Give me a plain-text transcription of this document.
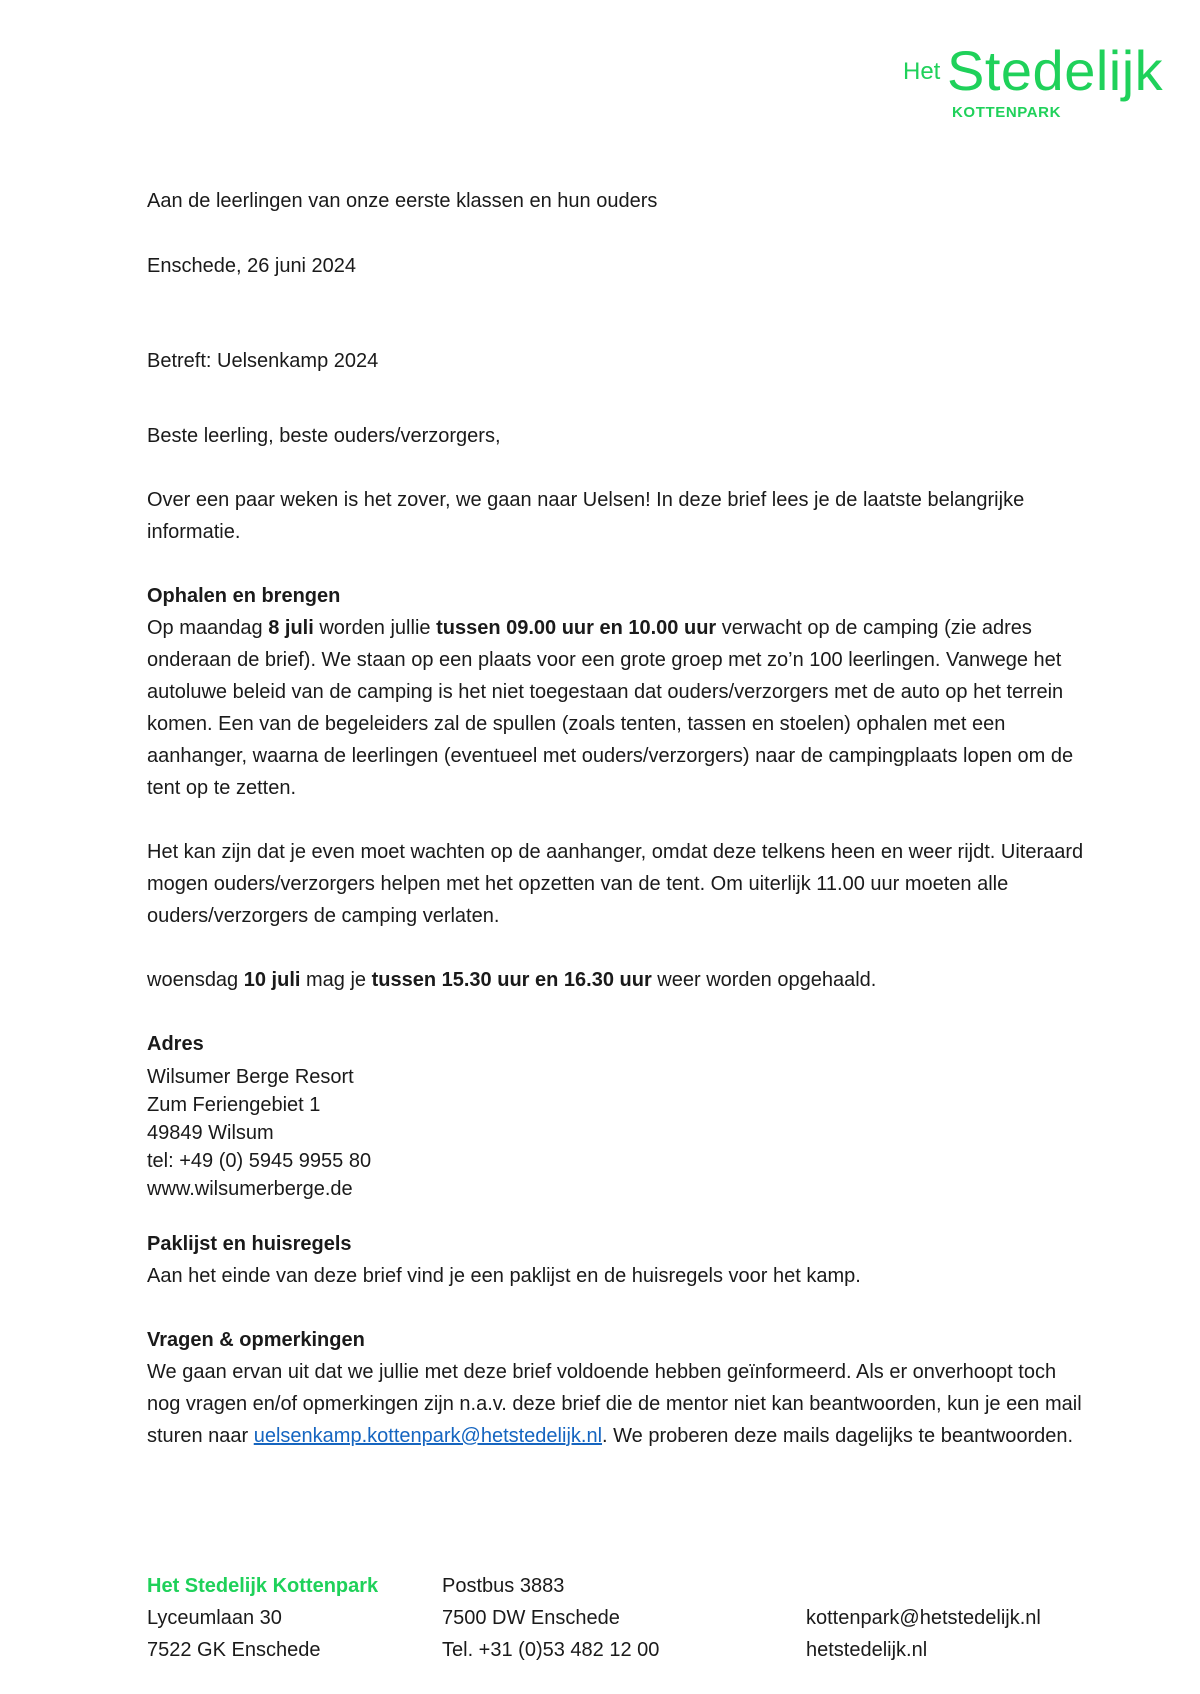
Het Stedelijk
KOTTENPARK
Aan de leerlingen van onze eerste klassen en hun ouders
Enschede, 26 juni 2024
Betreft: Uelsenkamp 2024
Beste leerling, beste ouders/verzorgers,
Over een paar weken is het zover, we gaan naar Uelsen! In deze brief lees je de laatste belangrijke informatie.
Ophalen en brengen
Op maandag 8 juli worden jullie tussen 09.00 uur en 10.00 uur verwacht op de camping (zie adres onderaan de brief). We staan op een plaats voor een grote groep met zo’n 100 leerlingen. Vanwege het autoluwe beleid van de camping is het niet toegestaan dat ouders/verzorgers met de auto op het terrein komen. Een van de begeleiders zal de spullen (zoals tenten, tassen en stoelen) ophalen met een aanhanger, waarna de leerlingen (eventueel met ouders/verzorgers) naar de campingplaats lopen om de tent op te zetten.
Het kan zijn dat je even moet wachten op de aanhanger, omdat deze telkens heen en weer rijdt. Uiteraard mogen ouders/verzorgers helpen met het opzetten van de tent. Om uiterlijk 11.00 uur moeten alle ouders/verzorgers de camping verlaten.
woensdag 10 juli mag je tussen 15.30 uur en 16.30 uur weer worden opgehaald.
Adres
Wilsumer Berge Resort
Zum Feriengebiet 1
49849 Wilsum
tel: +49 (0) 5945 9955 80
www.wilsumerberge.de
Paklijst en huisregels
Aan het einde van deze brief vind je een paklijst en de huisregels voor het kamp.
Vragen & opmerkingen
We gaan ervan uit dat we jullie met deze brief voldoende hebben geïnformeerd. Als er onverhoopt toch nog vragen en/of opmerkingen zijn n.a.v. deze brief die de mentor niet kan beantwoorden, kun je een mail sturen naar uelsenkamp.kottenpark@hetstedelijk.nl. We proberen deze mails dagelijks te beantwoorden.
Het Stedelijk Kottenpark
Lyceumlaan 30
7522 GK Enschede
Postbus 3883
7500 DW Enschede
Tel. +31 (0)53 482 12 00
kottenpark@hetstedelijk.nl
hetstedelijk.nl
